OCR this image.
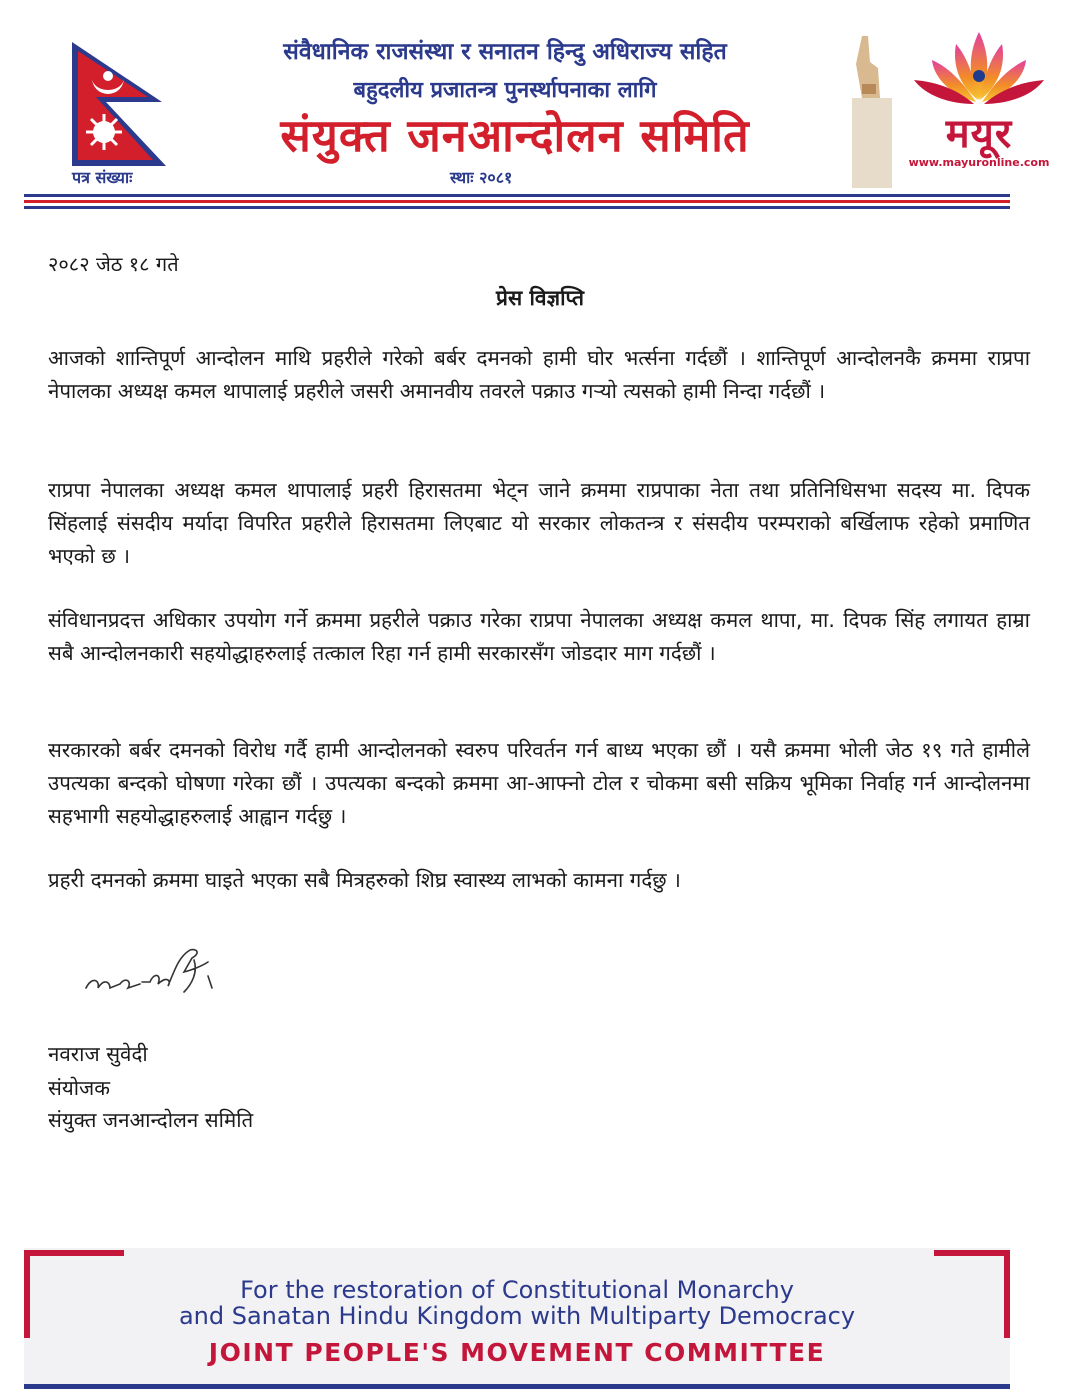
संवैधानिक राजसंस्था र सनातन हिन्दु अधिराज्य सहित
बहुदलीय प्रजातन्त्र पुनर्स्थापनाका लागि
संयुक्त जनआन्दोलन समिति
पत्र संख्याः	स्थाः २०८१
मयूर
www.mayuronline.com
२०८२ जेठ १८ गते
प्रेस विज्ञप्ति
आजको शान्तिपूर्ण आन्दोलन माथि प्रहरीले गरेको बर्बर दमनको हामी घोर भर्त्सना गर्दछौं । शान्तिपूर्ण आन्दोलनकै क्रममा राप्रपा नेपालका अध्यक्ष कमल थापालाई प्रहरीले जसरी अमानवीय तवरले पक्राउ गऱ्यो त्यसको हामी निन्दा गर्दछौं ।
राप्रपा नेपालका अध्यक्ष कमल थापालाई प्रहरी हिरासतमा भेट्न जाने क्रममा राप्रपाका नेता तथा प्रतिनिधिसभा सदस्य मा. दिपक सिंहलाई संसदीय मर्यादा विपरित प्रहरीले हिरासतमा लिएबाट यो सरकार लोकतन्त्र र संसदीय परम्पराको बर्खिलाफ रहेको प्रमाणित भएको छ ।
संविधानप्रदत्त अधिकार उपयोग गर्ने क्रममा प्रहरीले पक्राउ गरेका राप्रपा नेपालका अध्यक्ष कमल थापा, मा. दिपक सिंह लगायत हाम्रा सबै आन्दोलनकारी सहयोद्धाहरुलाई तत्काल रिहा गर्न हामी सरकारसँग जोडदार माग गर्दछौं ।
सरकारको बर्बर दमनको विरोध गर्दै हामी आन्दोलनको स्वरुप परिवर्तन गर्न बाध्य भएका छौं । यसै क्रममा भोली जेठ १९ गते हामीले उपत्यका बन्दको घोषणा गरेका छौं । उपत्यका बन्दको क्रममा आ-आफ्नो टोल र चोकमा बसी सक्रिय भूमिका निर्वाह गर्न आन्दोलनमा सहभागी सहयोद्धाहरुलाई आह्वान गर्दछु ।
प्रहरी दमनको क्रममा घाइते भएका सबै मित्रहरुको शिघ्र स्वास्थ्य लाभको कामना गर्दछु ।
नवराज सुवेदी
संयोजक
संयुक्त जनआन्दोलन समिति
For the restoration of Constitutional Monarchy
and Sanatan Hindu Kingdom with Multiparty Democracy
JOINT PEOPLE'S MOVEMENT COMMITTEE
